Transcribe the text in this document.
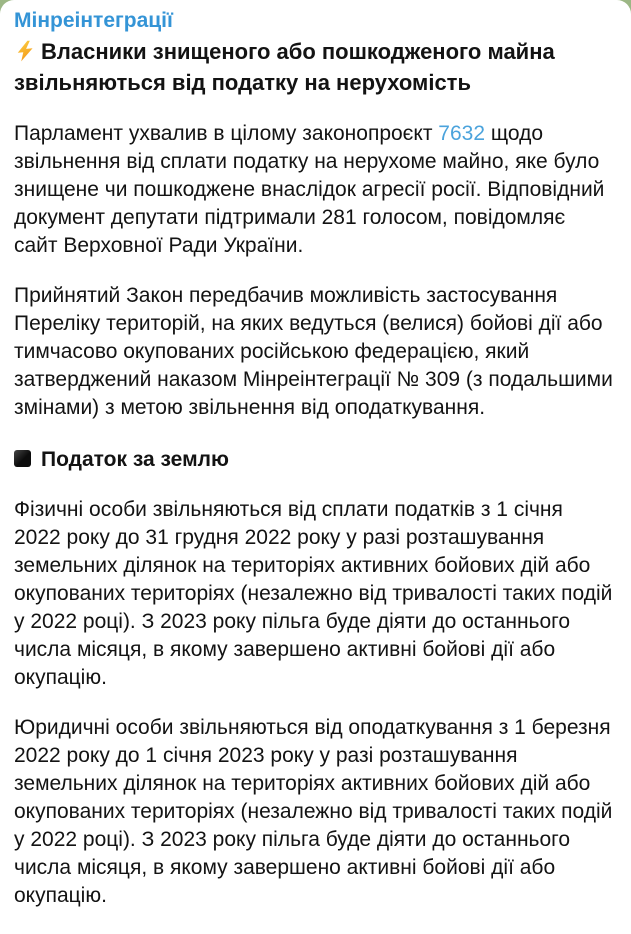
Мінреінтеграції
Власники знищеного або пошкодженого майна звільняються від податку на нерухомість

Парламент ухвалив в цілому законопроєкт 7632 щодо звільнення від сплати податку на нерухоме майно, яке було знищене чи пошкоджене внаслідок агресії росії. Відповідний документ депутати підтримали 281 голосом, повідомляє сайт Верховної Ради України.

Прийнятий Закон передбачив можливість застосування Переліку територій, на яких ведуться (велися) бойові дії або тимчасово окупованих російською федерацією, який затверджений наказом Мінреінтеграції № 309 (з подальшими змінами) з метою звільнення від оподаткування.

Податок за землю

Фізичні особи звільняються від сплати податків з 1 січня 2022 року до 31 грудня 2022 року у разі розташування земельних ділянок на територіях активних бойових дій або окупованих територіях (незалежно від тривалості таких подій у 2022 році). З 2023 року пільга буде діяти до останнього числа місяця, в якому завершено активні бойові дії або окупацію.

Юридичні особи звільняються від оподаткування з 1 березня 2022 року до 1 січня 2023 року у разі розташування земельних ділянок на територіях активних бойових дій або окупованих територіях (незалежно від тривалості таких подій у 2022 році). З 2023 року пільга буде діяти до останнього числа місяця, в якому завершено активні бойові дії або окупацію.
